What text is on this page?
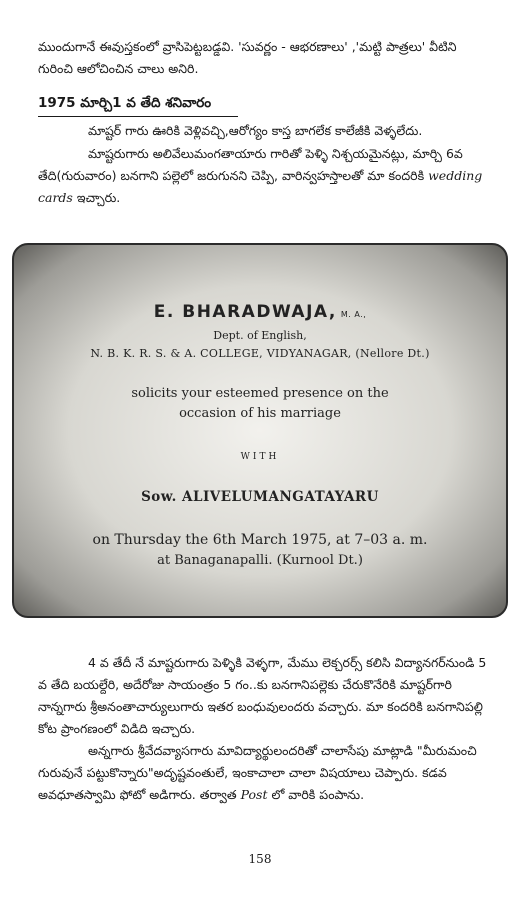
ముందుగానే ఈవుస్తకంలో వ్రాసిపెట్టబడ్డవి. 'సువర్ణం - ఆభరణాలు' ,'మట్టి పాత్రలు' వీటిని గురించి ఆలోచించిన చాలు అనిరి.
1975 మార్చి1 వ తేది శనివారం
మాష్టర్ గారు ఊరికి వెళ్లివచ్చి,ఆరోగ్యం కాస్త బాగలేక కాలేజీకి వెళ్ళలేదు.
మాష్టరుగారు అలివేలుమంగతాయారు గారితో పెళ్ళి నిశ్చయమైనట్లు, మార్చి 6వ తేది(గురువారం) బనగాని పల్లెలో జరుగునని చెప్పి, వారిన్వహస్తాలతో మా కందరికి wedding cards ఇచ్చారు.
E. BHARADWAJA, M. A.,
Dept. of English,
N. B. K. R. S. & A. COLLEGE, VIDYANAGAR, (Nellore Dt.)
solicits your esteemed presence on the
occasion of his marriage
WITH
Sow. ALIVELUMANGATAYARU
on Thursday the 6th March 1975, at 7–03 a. m.
at Banaganapalli. (Kurnool Dt.)
4 వ తేదీ నే మాష్టరుగారు పెళ్ళికి వెళ్ళగా, మేము లెక్చరర్స్ కలిసి విద్యానగర్‌నుండి 5 వ తేది బయల్దేరి, అదేరోజు సాయంత్రం 5 గం..కు బనగానిపల్లెకు చేరుకొనేరికి మాష్టర్‌గారి నాన్నగారు శ్రీఅనంతాచార్యులుగారు ఇతర బంధువులందరు వచ్చారు. మా కందరికి బనగానిపల్లి కోట ప్రాంగణంలో విడిది ఇచ్చారు.
అన్నగారు శ్రీవేదవ్యాసగారు మావిద్యార్థులందరితో చాలాసేపు మాట్లాడి "మీరుమంచి గురువునే పట్టుకొన్నారు"అదృష్టవంతులే, ఇంకాచాలా చాలా విషయాలు చెప్పారు. కడవ అవధూతస్వామి ఫోటో అడిగారు. తర్వాత Post లో వారికి పంపాను.
158
